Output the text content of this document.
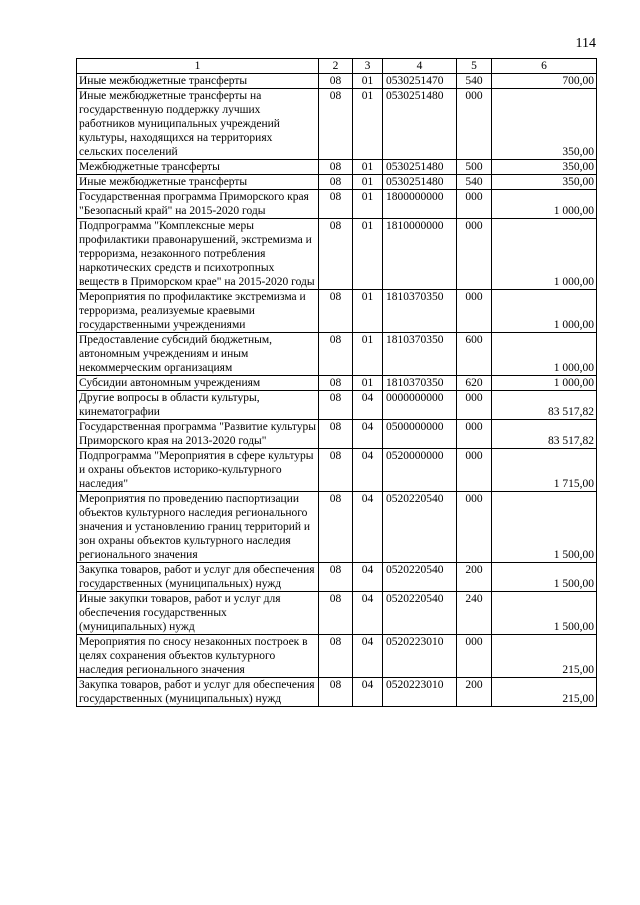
114
1	2	3	4	5	6
Иные межбюджетные трансферты	08	01	0530251470	540	700,00
Иные межбюджетные трансферты на государственную поддержку лучших работников муниципальных учреждений культуры, находящихся на территориях сельских поселений	08	01	0530251480	000	350,00
Межбюджетные трансферты	08	01	0530251480	500	350,00
Иные межбюджетные трансферты	08	01	0530251480	540	350,00
Государственная программа Приморского края "Безопасный край" на 2015-2020 годы	08	01	1800000000	000	1 000,00
Подпрограмма "Комплексные меры профилактики правонарушений, экстремизма и терроризма, незаконного потребления наркотических средств и психотропных веществ в Приморском крае" на 2015-2020 годы	08	01	1810000000	000	1 000,00
Мероприятия по профилактике экстремизма и терроризма, реализуемые краевыми государственными учреждениями	08	01	1810370350	000	1 000,00
Предоставление субсидий бюджетным, автономным учреждениям и иным некоммерческим организациям	08	01	1810370350	600	1 000,00
Субсидии автономным учреждениям	08	01	1810370350	620	1 000,00
Другие вопросы в области культуры, кинематографии	08	04	0000000000	000	83 517,82
Государственная программа "Развитие культуры Приморского края на 2013-2020 годы"	08	04	0500000000	000	83 517,82
Подпрограмма "Мероприятия в сфере культуры и охраны объектов историко-культурного наследия"	08	04	0520000000	000	1 715,00
Мероприятия по проведению паспортизации объектов культурного наследия регионального значения и установлению границ территорий и зон охраны объектов культурного наследия регионального значения	08	04	0520220540	000	1 500,00
Закупка товаров, работ и услуг для обеспечения государственных (муниципальных) нужд	08	04	0520220540	200	1 500,00
Иные закупки товаров, работ и услуг для обеспечения государственных (муниципальных) нужд	08	04	0520220540	240	1 500,00
Мероприятия по сносу незаконных построек в целях сохранения объектов культурного наследия регионального значения	08	04	0520223010	000	215,00
Закупка товаров, работ и услуг для обеспечения государственных (муниципальных) нужд	08	04	0520223010	200	215,00
